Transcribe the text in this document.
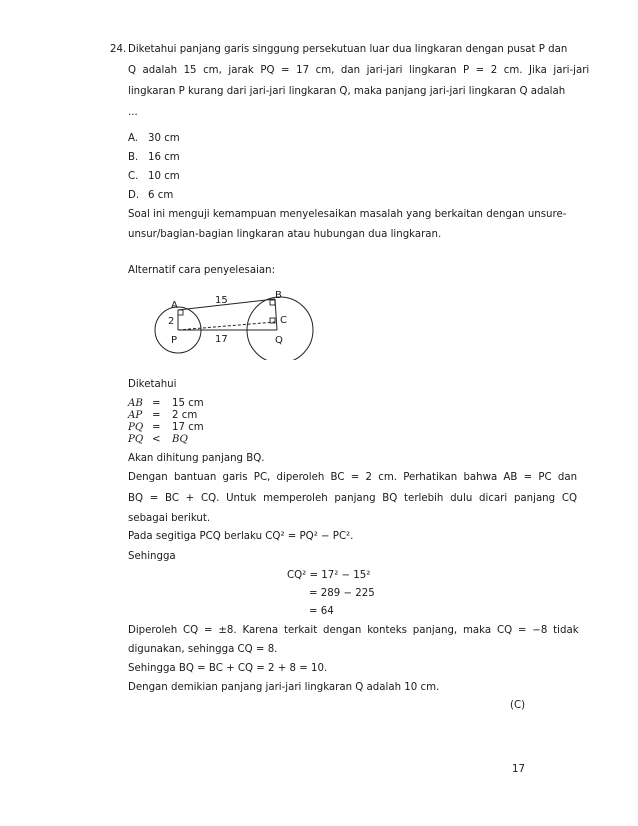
24. Diketahui panjang garis singgung persekutuan luar dua lingkaran dengan pusat P dan
Q adalah 15 cm, jarak PQ = 17 cm, dan jari-jari lingkaran P = 2 cm. Jika jari-jari
lingkaran P kurang dari jari-jari lingkaran Q, maka panjang jari-jari lingkaran Q adalah
...
A. 30 cm
B. 16 cm
C. 10 cm
D. 6 cm
Soal ini menguji kemampuan menyelesaikan masalah yang berkaitan dengan unsure-
unsur/bagian-bagian lingkaran atau hubungan dua lingkaran.
Alternatif cara penyelesaian:
A
B
C
P	Q
15
2
17
Diketahui
AB = 15 cm
AP = 2 cm
PQ = 17 cm
PQ < BQ
Akan dihitung panjang BQ.
Dengan bantuan garis PC, diperoleh BC = 2 cm. Perhatikan bahwa AB = PC dan
BQ = BC + CQ. Untuk memperoleh panjang BQ terlebih dulu dicari panjang CQ
sebagai berikut.
Pada segitiga PCQ berlaku CQ² = PQ² − PC².
Sehingga
CQ² = 17² − 15²
= 289 − 225
= 64
Diperoleh CQ = ±8. Karena terkait dengan konteks panjang, maka CQ = −8 tidak
digunakan, sehingga CQ = 8.
Sehingga BQ = BC + CQ = 2 + 8 = 10.
Dengan demikian panjang jari-jari lingkaran Q adalah 10 cm.
(C)
17
